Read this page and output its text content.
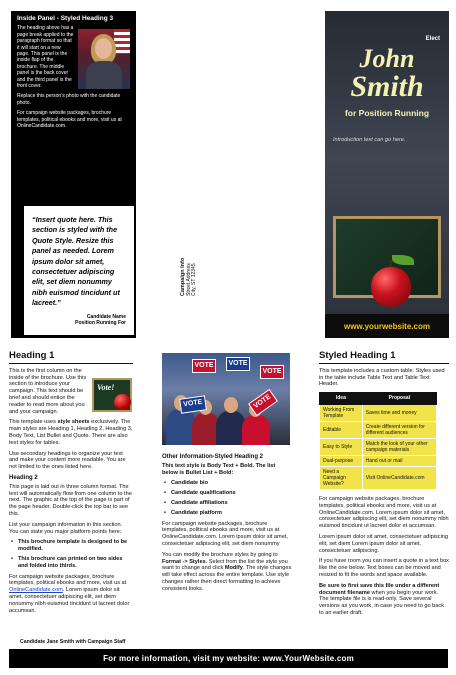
Inside Panel - Styled Heading 3
The heading above has a page break applied to the paragraph format so that it will start on a new page. This panel is the inside flap of the brochure. The middle panel is the back cover and the third panel is the front cover.

Replace this person’s photo with the candidate photo.

For campaign website packages, brochure templates, political ebooks and more, visit us at OnlineCandidate.com.

“Insert quote here. This section is styled with the Quote Style. Resize this panel as needed. Lorem ipsum dolor sit amet, consectetuer adipiscing elit, set diem nonummy nibh euismod tincidunt ut lacreet.”
Candidate Name
Position Running For
Campaign Info Street Address City, ST 12345
Elect
John
Smith
for Position Running
Introduction text can go here.
www.yourwebsite.com
Heading 1

This is the first column on the inside of the brochure. Use this section to introduce your campaign. This text should be brief and should entice the reader to read more about you and your campaign.

Vote!

This template uses style sheets exclusively. The main styles are Heading 1, Heading 2, Heading 3, Body Text, List Bullet and Quote. There are also text styles for tables.

Use secondary headings to organize your text and make your content more readable. You are not limited to the ones listed here.

Heading 2

This page is laid out in three column format. The text will automatically flow from one column to the next. The graphic at the top of the page is part of the page header. Double-click the top bar to see this.

List your campaign information in this section. You can state you major platform points here:

• This brochure template is designed to be modified.
• This brochure can printed on two sides and folded into thirds.

For campaign website packages, brochure templates, political ebooks and more, visit us at OnlineCandidate.com. Lorem ipsum dolor sit amet, consectetuer adipiscing elit, set diem nonummy nibh euismod tincidunt ut lacreet dolor accumsan.

Candidate Jane Smith with Campaign Staff
VOTE	VOTE
VOTE
VOTE	VOTE
Other Information-Styled Heading 2

This text style is Body Text + Bold. The list below is Bullet List + Bold:

• Candidate bio
• Candidate qualifications
• Candidate affiliations
• Candidate platform

For campaign website packages, brochure templates, political ebooks and more, visit us at OnlineCandidate.com. Lorem ipsum dolor sit amet, consectetuer adipiscing elit, set diem nonummy

You can modify the brochure styles by going to Format -> Styles. Select from the list the style you want to change and click Modify. The style changes will take effect across the entire template. Use style changes rather then direct formatting to achieve consistent looks.

Styled Heading 1

This template includes a custom table. Styles used in the table include Table Text and Table Text Header.

Idea	Proposal
Working From Template	Saves time and money
Editable	Create different version for different audiences
Easy to Style	Match the look of your other campaign materials
Dual-purpose	Hand out or mail
Need a Campaign Website?	Visit OnlineCandidate.com

For campaign website packages, brochure templates, political ebooks and more, visit us at OnlineCandidate.com. Lorem ipsum dolor sit amet, consectetuer adipiscing elit, set diem nonummy nibh euismod tincidunt ut lacreet dolor et accumsan.

Lorem ipsum dolor sit amet, consectetuer adipiscing elit, set diem Lorem ipsum dolor sit amet, consectetuer adipiscing.

If you have room you can insert a quote in a text box like the one below. Text boxes can be moved and resized to fit the words and space available.

Be sure to first save this file under a different document filename when you begin your work. The template file is is read-only. Save several versions as you work, in case you need to go back to an earlier draft.

For more information, visit my website: www.YourWebsite.com
